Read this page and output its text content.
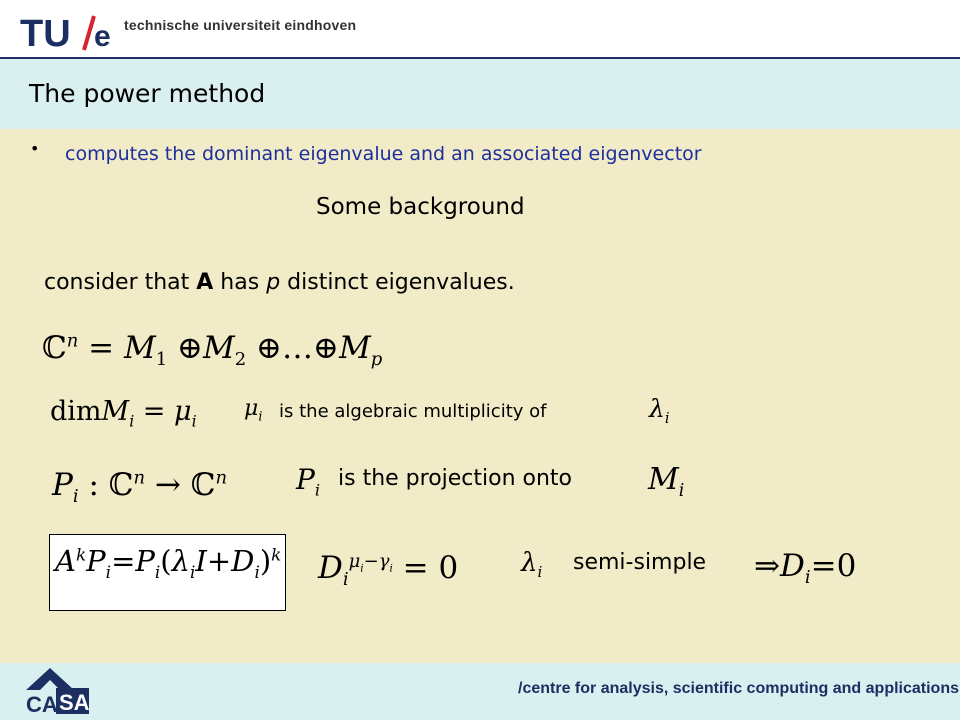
TU e technische universiteit eindhoven
The power method
• computes the dominant eigenvalue and an associated eigenvector
Some background
consider that A has p distinct eigenvalues.
ℂ$^n$ = $M_1$ $\oplus M_2$ $\oplus\dots\oplus M_p$
dimM$_i$ = $\mu_i$ $\mu_i$ is the algebraic multiplicity of	$\lambda_i$
$P_i$ : ℂ$^n$ → ℂ$^n$ $P_i$ is the projection onto	$M_i$
$A^kP_i=P_i(\lambda_iI+D_i)^k$ $D_i^{\mu_i-\gamma_i} = 0$ $\lambda_i$ semi-simple $\Rightarrow D_i=0$
CA SA
/centre for analysis, scientific computing and applications
